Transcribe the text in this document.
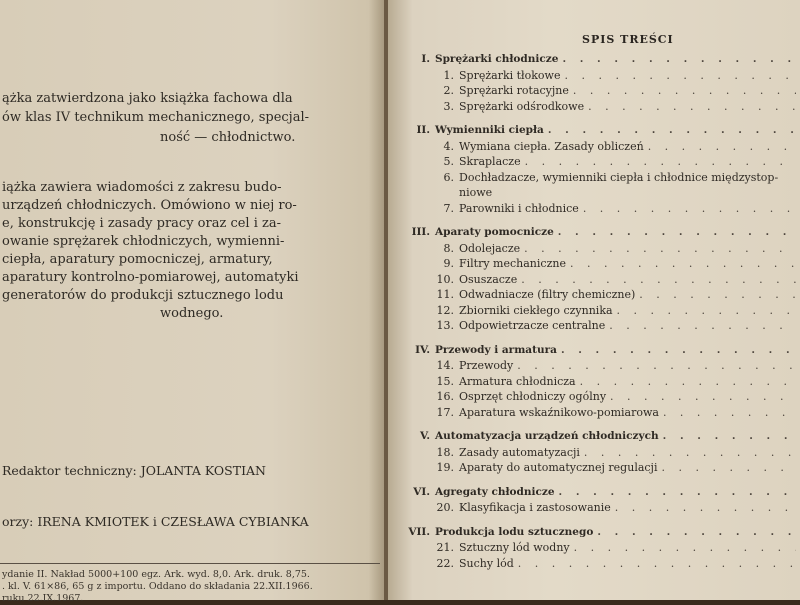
ążka zatwierdzona jako książka fachowa dla
ów klas IV technikum mechanicznego, specjal-
ność — chłodnictwo.
iążka zawiera wiadomości z zakresu budo-
urządzeń chłodniczych. Omówiono w niej ro-
e, konstrukcję i zasady pracy oraz cel i za-
owanie sprężarek chłodniczych, wymienni-
ciepła, aparatury pomocniczej, armatury,
aparatury kontrolno-pomiarowej, automatyki
generatorów do produkcji sztucznego lodu
wodnego.
Redaktor techniczny: JOLANTA KOSTIAN
orzy: IRENA KMIOTEK i CZESŁAWA CYBIANKA
ydanie II. Nakład 5000+100 egz. Ark. wyd. 8,0. Ark. druk. 8,75.
. kl. V. 61×86, 65 g z importu. Oddano do składania 22.XII.1966.
ruku 22.IX.1967.
SPIS TREŚCI
I. Sprężarki chłodnicze
. . .
1. Sprężarki tłokowe
. . .
2. Sprężarki rotacyjne
. . .
3. Sprężarki odśrodkowe
. . .
II. Wymienniki ciepła
. . .
4. Wymiana ciepła. Zasady obliczeń
. . .
5. Skraplacze
. . .
6. Dochładzacze, wymienniki ciepła i chłodnice międzystop-
niowe
7. Parowniki i chłodnice
. . .
III. Aparaty pomocnicze
. . .
8. Odolejacze
. . .
9. Filtry mechaniczne
. . .
10. Osuszacze
. . .
11. Odwadniacze (filtry chemiczne)
. . .
12. Zbiorniki ciekłego czynnika
. . .
13. Odpowietrzacze centralne
. . .
IV. Przewody i armatura
. . .
14. Przewody
. . .
15. Armatura chłodnicza
. . .
16. Osprzęt chłodniczy ogólny
. . .
17. Aparatura wskaźnikowo-pomiarowa
. . .
V. Automatyzacja urządzeń chłodniczych
. . .
18. Zasady automatyzacji
. . .
19. Aparaty do automatycznej regulacji
. . .
VI. Agregaty chłodnicze
. . .
20. Klasyfikacja i zastosowanie
. . .
VII. Produkcja lodu sztucznego
. . .
21. Sztuczny lód wodny
. . .
22. Suchy lód
. . .
